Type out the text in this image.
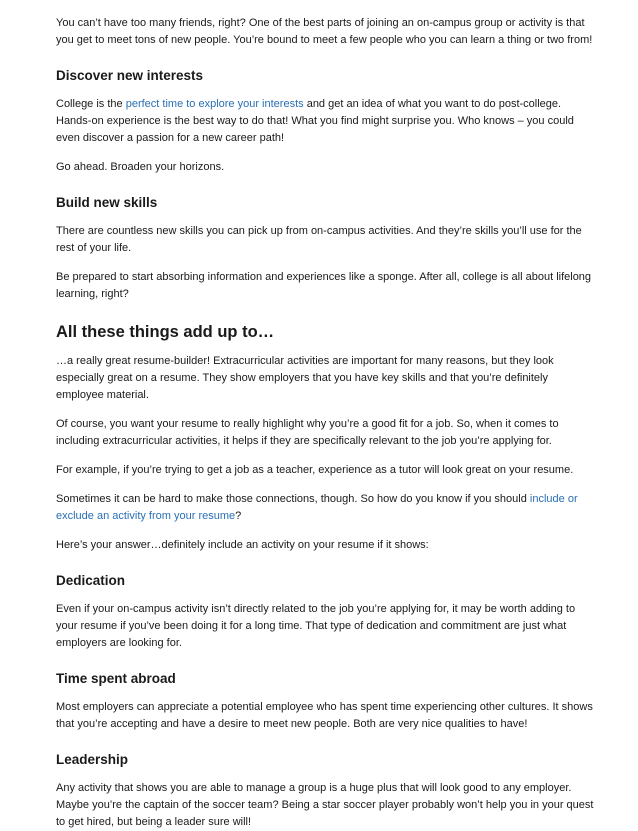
You can’t have too many friends, right? One of the best parts of joining an on-campus group or activity is that you get to meet tons of new people. You’re bound to meet a few people who you can learn a thing or two from!

Discover new interests

College is the perfect time to explore your interests and get an idea of what you want to do post-college. Hands-on experience is the best way to do that! What you find might surprise you. Who knows – you could even discover a passion for a new career path!

Go ahead. Broaden your horizons.

Build new skills

There are countless new skills you can pick up from on-campus activities. And they’re skills you’ll use for the rest of your life.

Be prepared to start absorbing information and experiences like a sponge. After all, college is all about lifelong learning, right?

All these things add up to…

…a really great resume-builder! Extracurricular activities are important for many reasons, but they look especially great on a resume. They show employers that you have key skills and that you’re definitely employee material.

Of course, you want your resume to really highlight why you’re a good fit for a job. So, when it comes to including extracurricular activities, it helps if they are specifically relevant to the job you’re applying for.

For example, if you’re trying to get a job as a teacher, experience as a tutor will look great on your resume.

Sometimes it can be hard to make those connections, though. So how do you know if you should include or exclude an activity from your resume?

Here’s your answer…definitely include an activity on your resume if it shows:

Dedication

Even if your on-campus activity isn’t directly related to the job you’re applying for, it may be worth adding to your resume if you’ve been doing it for a long time. That type of dedication and commitment are just what employers are looking for.

Time spent abroad

Most employers can appreciate a potential employee who has spent time experiencing other cultures. It shows that you’re accepting and have a desire to meet new people. Both are very nice qualities to have!

Leadership

Any activity that shows you are able to manage a group is a huge plus that will look good to any employer. Maybe you’re the captain of the soccer team? Being a star soccer player probably won’t help you in your quest to get hired, but being a leader sure will!
